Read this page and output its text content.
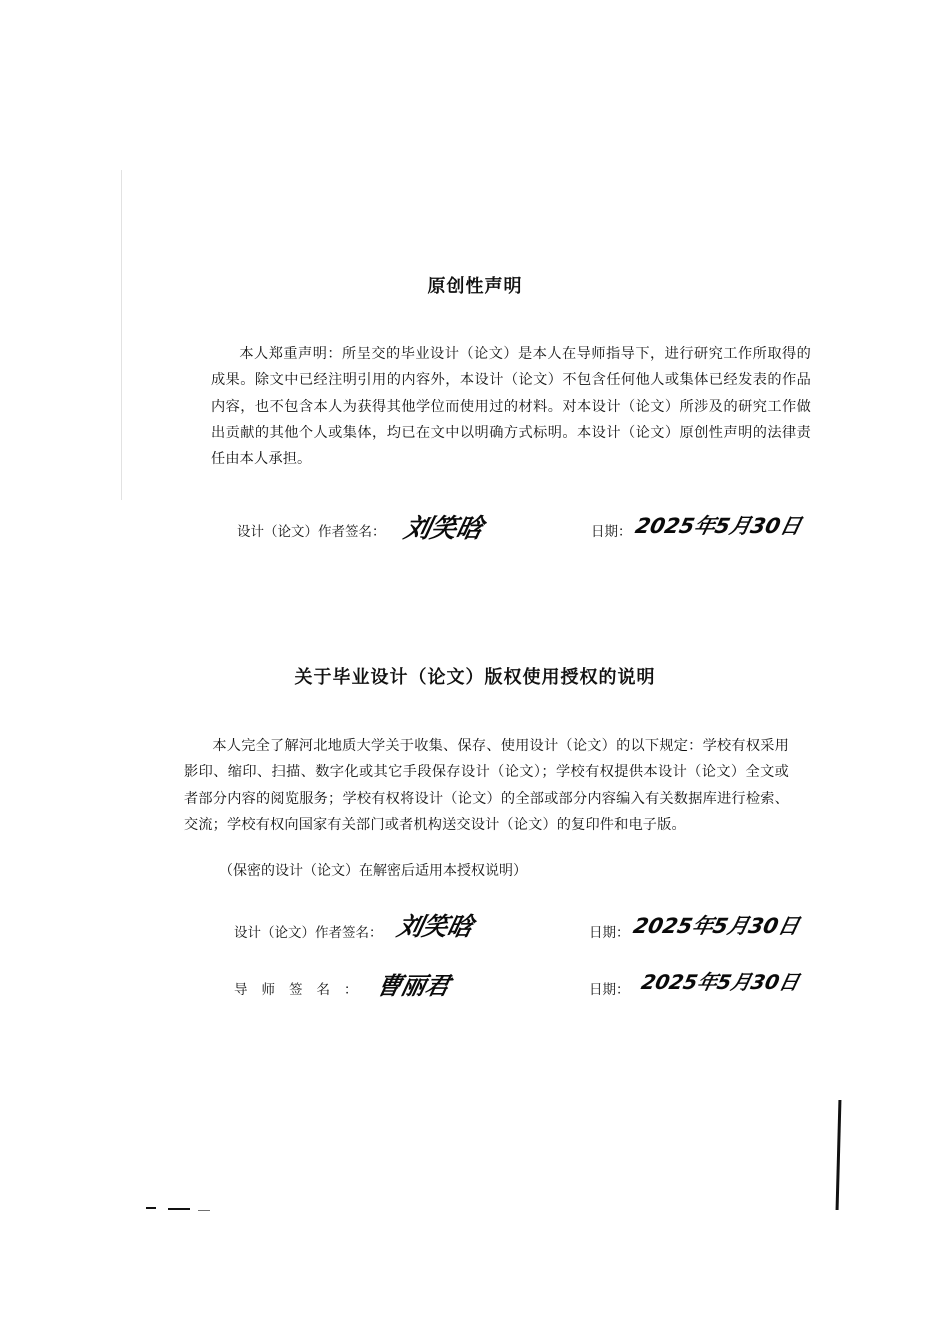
原创性声明
本人郑重声明：所呈交的毕业设计（论文）是本人在导师指导下，进行研究工作所取得的成果。除文中已经注明引用的内容外，本设计（论文）不包含任何他人或集体已经发表的作品内容，也不包含本人为获得其他学位而使用过的材料。对本设计（论文）所涉及的研究工作做出贡献的其他个人或集体，均已在文中以明确方式标明。本设计（论文）原创性声明的法律责任由本人承担。
设计（论文）作者签名： 刘笑晗	日期： 2025年5月30日
关于毕业设计（论文）版权使用授权的说明
本人完全了解河北地质大学关于收集、保存、使用设计（论文）的以下规定：学校有权采用影印、缩印、扫描、数字化或其它手段保存设计（论文）；学校有权提供本设计（论文）全文或者部分内容的阅览服务；学校有权将设计（论文）的全部或部分内容编入有关数据库进行检索、交流；学校有权向国家有关部门或者机构送交设计（论文）的复印件和电子版。
（保密的设计（论文）在解密后适用本授权说明）
设计（论文）作者签名： 刘笑晗	日期： 2025年5月30日
导师签名： 曹丽君	日期： 2025年5月30日
